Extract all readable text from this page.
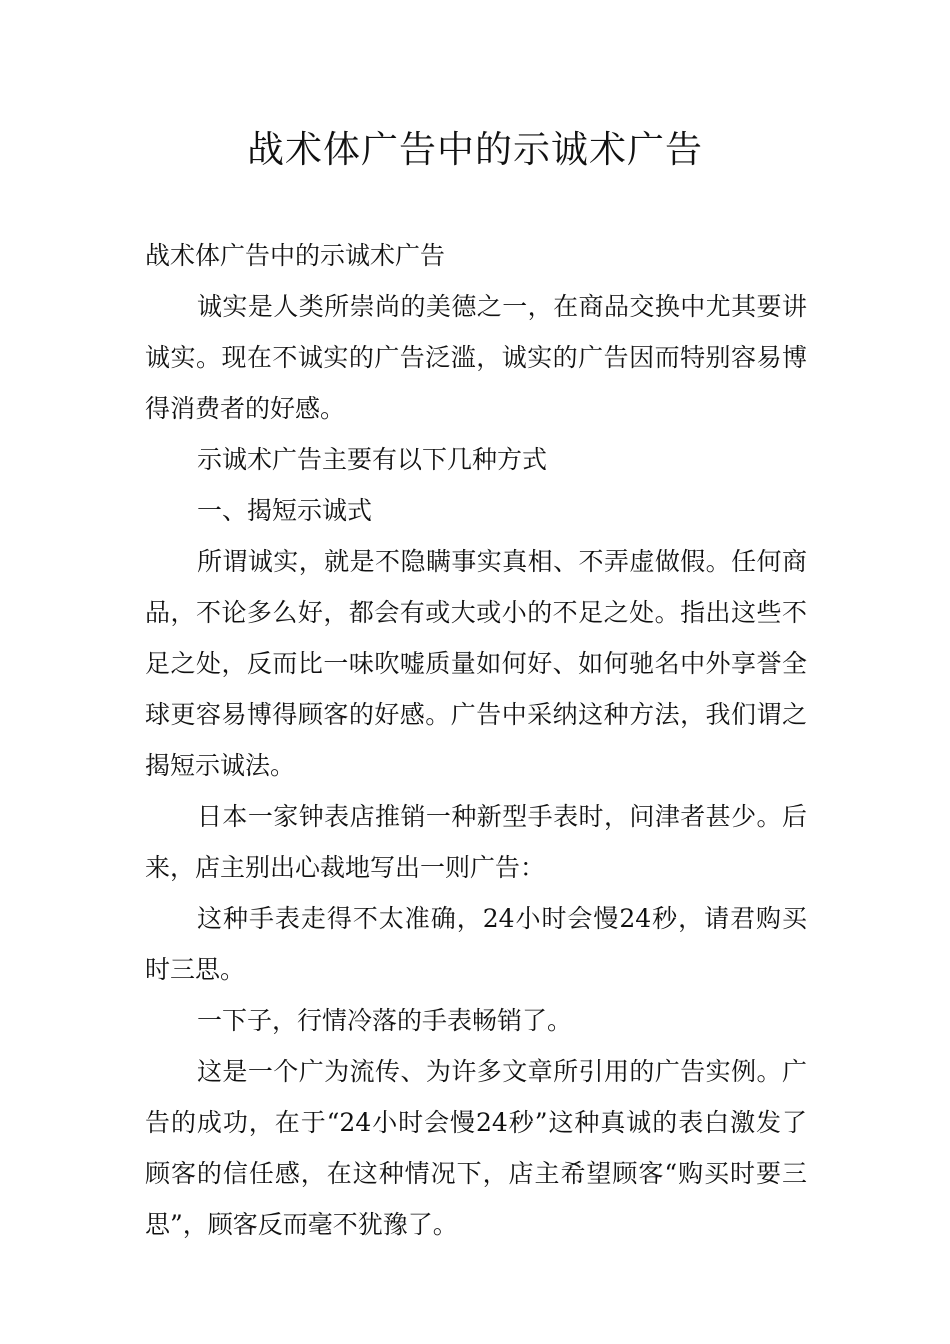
战术体广告中的示诚术广告

战术体广告中的示诚术广告

诚实是人类所崇尚的美德之一，在商品交换中尤其要讲诚实。现在不诚实的广告泛滥，诚实的广告因而特别容易博得消费者的好感。

示诚术广告主要有以下几种方式

一、揭短示诚式

所谓诚实，就是不隐瞒事实真相、不弄虚做假。任何商品，不论多么好，都会有或大或小的不足之处。指出这些不足之处，反而比一味吹嘘质量如何好、如何驰名中外享誉全球更容易博得顾客的好感。广告中采纳这种方法，我们谓之揭短示诚法。

日本一家钟表店推销一种新型手表时，问津者甚少。后来，店主别出心裁地写出一则广告：

这种手表走得不太准确，24小时会慢24秒，请君购买时三思。

一下子，行情冷落的手表畅销了。

这是一个广为流传、为许多文章所引用的广告实例。广告的成功，在于“24小时会慢24秒”这种真诚的表白激发了顾客的信任感，在这种情况下，店主希望顾客“购买时要三思”，顾客反而毫不犹豫了。
